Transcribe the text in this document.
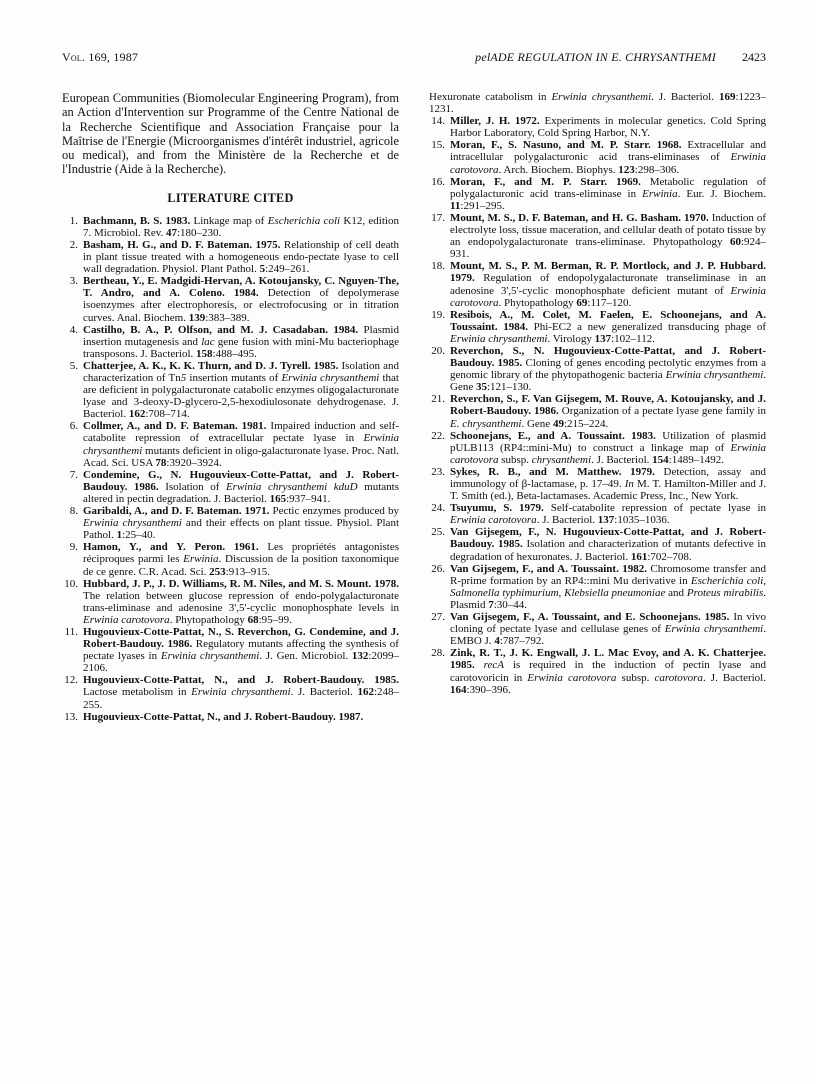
Vol. 169, 1987	pelADE REGULATION IN E. CHRYSANTHEMI 2423

European Communities (Biomolecular Engineering Program), from an Action d'Intervention sur Programme of the Centre National de la Recherche Scientifique and Association Française pour la Maîtrise de l'Energie (Microorganismes d'intérêt industriel, agricole ou medical), and from the Ministère de la Recherche et de l'Industrie (Aide à la Recherche).

LITERATURE CITED
1. Bachmann, B. S. 1983. Linkage map of Escherichia coli K12, edition 7. Microbiol. Rev. 47:180–230.
2. Basham, H. G., and D. F. Bateman. 1975. Relationship of cell death in plant tissue treated with a homogeneous endo-pectate lyase to cell wall degradation. Physiol. Plant Pathol. 5:249–261.
3. Bertheau, Y., E. Madgidi-Hervan, A. Kotoujansky, C. Nguyen-The, T. Andro, and A. Coleno. 1984. Detection of depolymerase isoenzymes after electrophoresis, or electrofocusing or in titration curves. Anal. Biochem. 139:383–389.
4. Castilho, B. A., P. Olfson, and M. J. Casadaban. 1984. Plasmid insertion mutagenesis and lac gene fusion with mini-Mu bacteriophage transposons. J. Bacteriol. 158:488–495.
5. Chatterjee, A. K., K. K. Thurn, and D. J. Tyrell. 1985. Isolation and characterization of Tn5 insertion mutants of Erwinia chrysanthemi that are deficient in polygalacturonate catabolic enzymes oligogalacturonate lyase and 3-deoxy-D-glycero-2,5-hexodiulosonate dehydrogenase. J. Bacteriol. 162:708–714.
6. Collmer, A., and D. F. Bateman. 1981. Impaired induction and self-catabolite repression of extracellular pectate lyase in Erwinia chrysanthemi mutants deficient in oligo-galacturonate lyase. Proc. Natl. Acad. Sci. USA 78:3920–3924.
7. Condemine, G., N. Hugouvieux-Cotte-Pattat, and J. Robert-Baudouy. 1986. Isolation of Erwinia chrysanthemi kduD mutants altered in pectin degradation. J. Bacteriol. 165:937–941.
8. Garibaldi, A., and D. F. Bateman. 1971. Pectic enzymes produced by Erwinia chrysanthemi and their effects on plant tissue. Physiol. Plant Pathol. 1:25–40.
9. Hamon, Y., and Y. Peron. 1961. Les propriétés antagonistes réciproques parmi les Erwinia. Discussion de la position taxonomique de ce genre. C.R. Acad. Sci. 253:913–915.
10. Hubbard, J. P., J. D. Williams, R. M. Niles, and M. S. Mount. 1978. The relation between glucose repression of endo-polygalacturonate trans-eliminase and adenosine 3',5'-cyclic monophosphate levels in Erwinia carotovora. Phytopathology 68:95–99.
11. Hugouvieux-Cotte-Pattat, N., S. Reverchon, G. Condemine, and J. Robert-Baudouy. 1986. Regulatory mutants affecting the synthesis of pectate lyases in Erwinia chrysanthemi. J. Gen. Microbiol. 132:2099–2106.
12. Hugouvieux-Cotte-Pattat, N., and J. Robert-Baudouy. 1985. Lactose metabolism in Erwinia chrysanthemi. J. Bacteriol. 162:248–255.
13. Hugouvieux-Cotte-Pattat, N., and J. Robert-Baudouy. 1987.

Hexuronate catabolism in Erwinia chrysanthemi. J. Bacteriol. 169:1223–1231.

14. Miller, J. H. 1972. Experiments in molecular genetics. Cold Spring Harbor Laboratory, Cold Spring Harbor, N.Y.
15. Moran, F., S. Nasuno, and M. P. Starr. 1968. Extracellular and intracellular polygalacturonic acid trans-eliminases of Erwinia carotovora. Arch. Biochem. Biophys. 123:298–306.
16. Moran, F., and M. P. Starr. 1969. Metabolic regulation of polygalacturonic acid trans-eliminase in Erwinia. Eur. J. Biochem. 11:291–295.
17. Mount, M. S., D. F. Bateman, and H. G. Basham. 1970. Induction of electrolyte loss, tissue maceration, and cellular death of potato tissue by an endopolygalacturonate trans-eliminase. Phytopathology 60:924–931.
18. Mount, M. S., P. M. Berman, R. P. Mortlock, and J. P. Hubbard. 1979. Regulation of endopolygalacturonate transeliminase in an adenosine 3',5'-cyclic monophosphate deficient mutant of Erwinia carotovora. Phytopathology 69:117–120.
19. Resibois, A., M. Colet, M. Faelen, E. Schoonejans, and A. Toussaint. 1984. Phi-EC2 a new generalized transducing phage of Erwinia chrysanthemi. Virology 137:102–112.
20. Reverchon, S., N. Hugouvieux-Cotte-Pattat, and J. Robert-Baudouy. 1985. Cloning of genes encoding pectolytic enzymes from a genomic library of the phytopathogenic bacteria Erwinia chrysanthemi. Gene 35:121–130.
21. Reverchon, S., F. Van Gijsegem, M. Rouve, A. Kotoujansky, and J. Robert-Baudouy. 1986. Organization of a pectate lyase gene family in E. chrysanthemi. Gene 49:215–224.
22. Schoonejans, E., and A. Toussaint. 1983. Utilization of plasmid pULB113 (RP4::mini-Mu) to construct a linkage map of Erwinia carotovora subsp. chrysanthemi. J. Bacteriol. 154:1489–1492.
23. Sykes, R. B., and M. Matthew. 1979. Detection, assay and immunology of β-lactamase, p. 17–49. In M. T. Hamilton-Miller and J. T. Smith (ed.), Beta-lactamases. Academic Press, Inc., New York.
24. Tsuyumu, S. 1979. Self-catabolite repression of pectate lyase in Erwinia carotovora. J. Bacteriol. 137:1035–1036.
25. Van Gijsegem, F., N. Hugouvieux-Cotte-Pattat, and J. Robert-Baudouy. 1985. Isolation and characterization of mutants defective in degradation of hexuronates. J. Bacteriol. 161:702–708.
26. Van Gijsegem, F., and A. Toussaint. 1982. Chromosome transfer and R-prime formation by an RP4::mini Mu derivative in Escherichia coli, Salmonella typhimurium, Klebsiella pneumoniae and Proteus mirabilis. Plasmid 7:30–44.
27. Van Gijsegem, F., A. Toussaint, and E. Schoonejans. 1985. In vivo cloning of pectate lyase and cellulase genes of Erwinia chrysanthemi. EMBO J. 4:787–792.
28. Zink, R. T., J. K. Engwall, J. L. Mac Evoy, and A. K. Chatterjee. 1985. recA is required in the induction of pectin lyase and carotovoricin in Erwinia carotovora subsp. carotovora. J. Bacteriol. 164:390–396.
